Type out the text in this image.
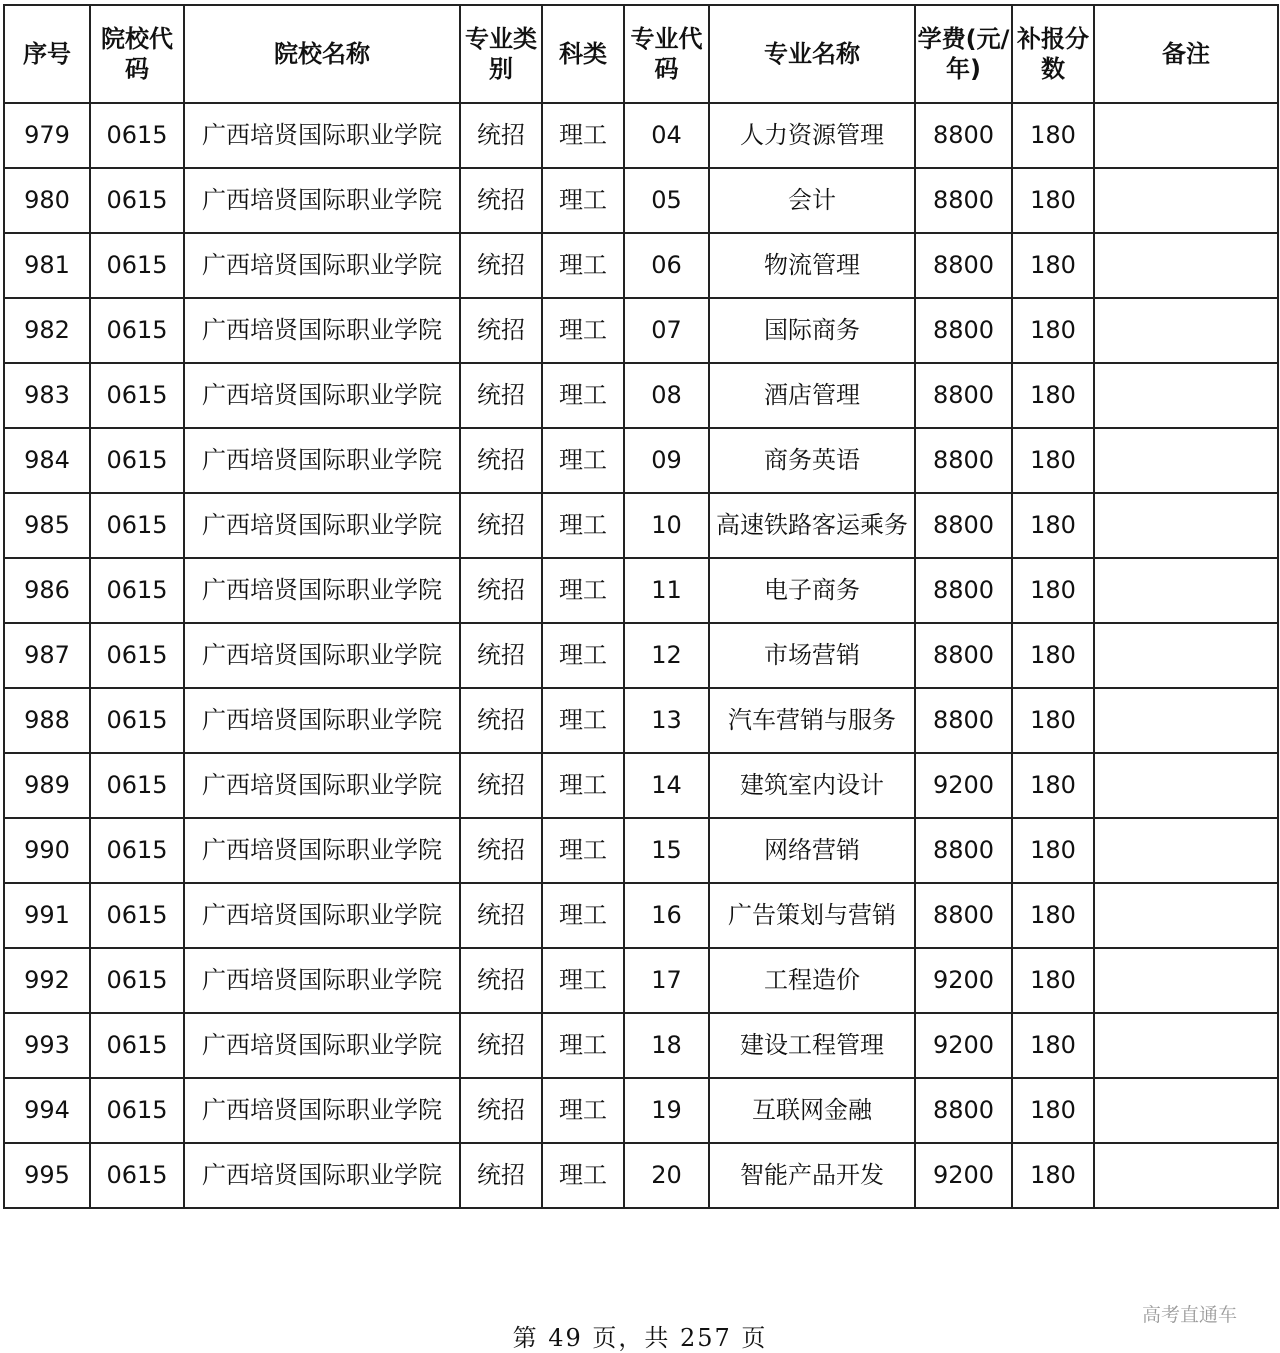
序号	院校代码	院校名称	专业类别	科类	专业代码	专业名称	学费(元/年)	补报分数	备注
979	0615	广西培贤国际职业学院	统招	理工	04	人力资源管理	8800	180	
980	0615	广西培贤国际职业学院	统招	理工	05	会计	8800	180	
981	0615	广西培贤国际职业学院	统招	理工	06	物流管理	8800	180	
982	0615	广西培贤国际职业学院	统招	理工	07	国际商务	8800	180	
983	0615	广西培贤国际职业学院	统招	理工	08	酒店管理	8800	180	
984	0615	广西培贤国际职业学院	统招	理工	09	商务英语	8800	180	
985	0615	广西培贤国际职业学院	统招	理工	10	高速铁路客运乘务	8800	180	
986	0615	广西培贤国际职业学院	统招	理工	11	电子商务	8800	180	
987	0615	广西培贤国际职业学院	统招	理工	12	市场营销	8800	180	
988	0615	广西培贤国际职业学院	统招	理工	13	汽车营销与服务	8800	180	
989	0615	广西培贤国际职业学院	统招	理工	14	建筑室内设计	9200	180	
990	0615	广西培贤国际职业学院	统招	理工	15	网络营销	8800	180	
991	0615	广西培贤国际职业学院	统招	理工	16	广告策划与营销	8800	180	
992	0615	广西培贤国际职业学院	统招	理工	17	工程造价	9200	180	
993	0615	广西培贤国际职业学院	统招	理工	18	建设工程管理	9200	180	
994	0615	广西培贤国际职业学院	统招	理工	19	互联网金融	8800	180	
995	0615	广西培贤国际职业学院	统招	理工	20	智能产品开发	9200	180	
第 49 页，共 257 页
高考直通车
